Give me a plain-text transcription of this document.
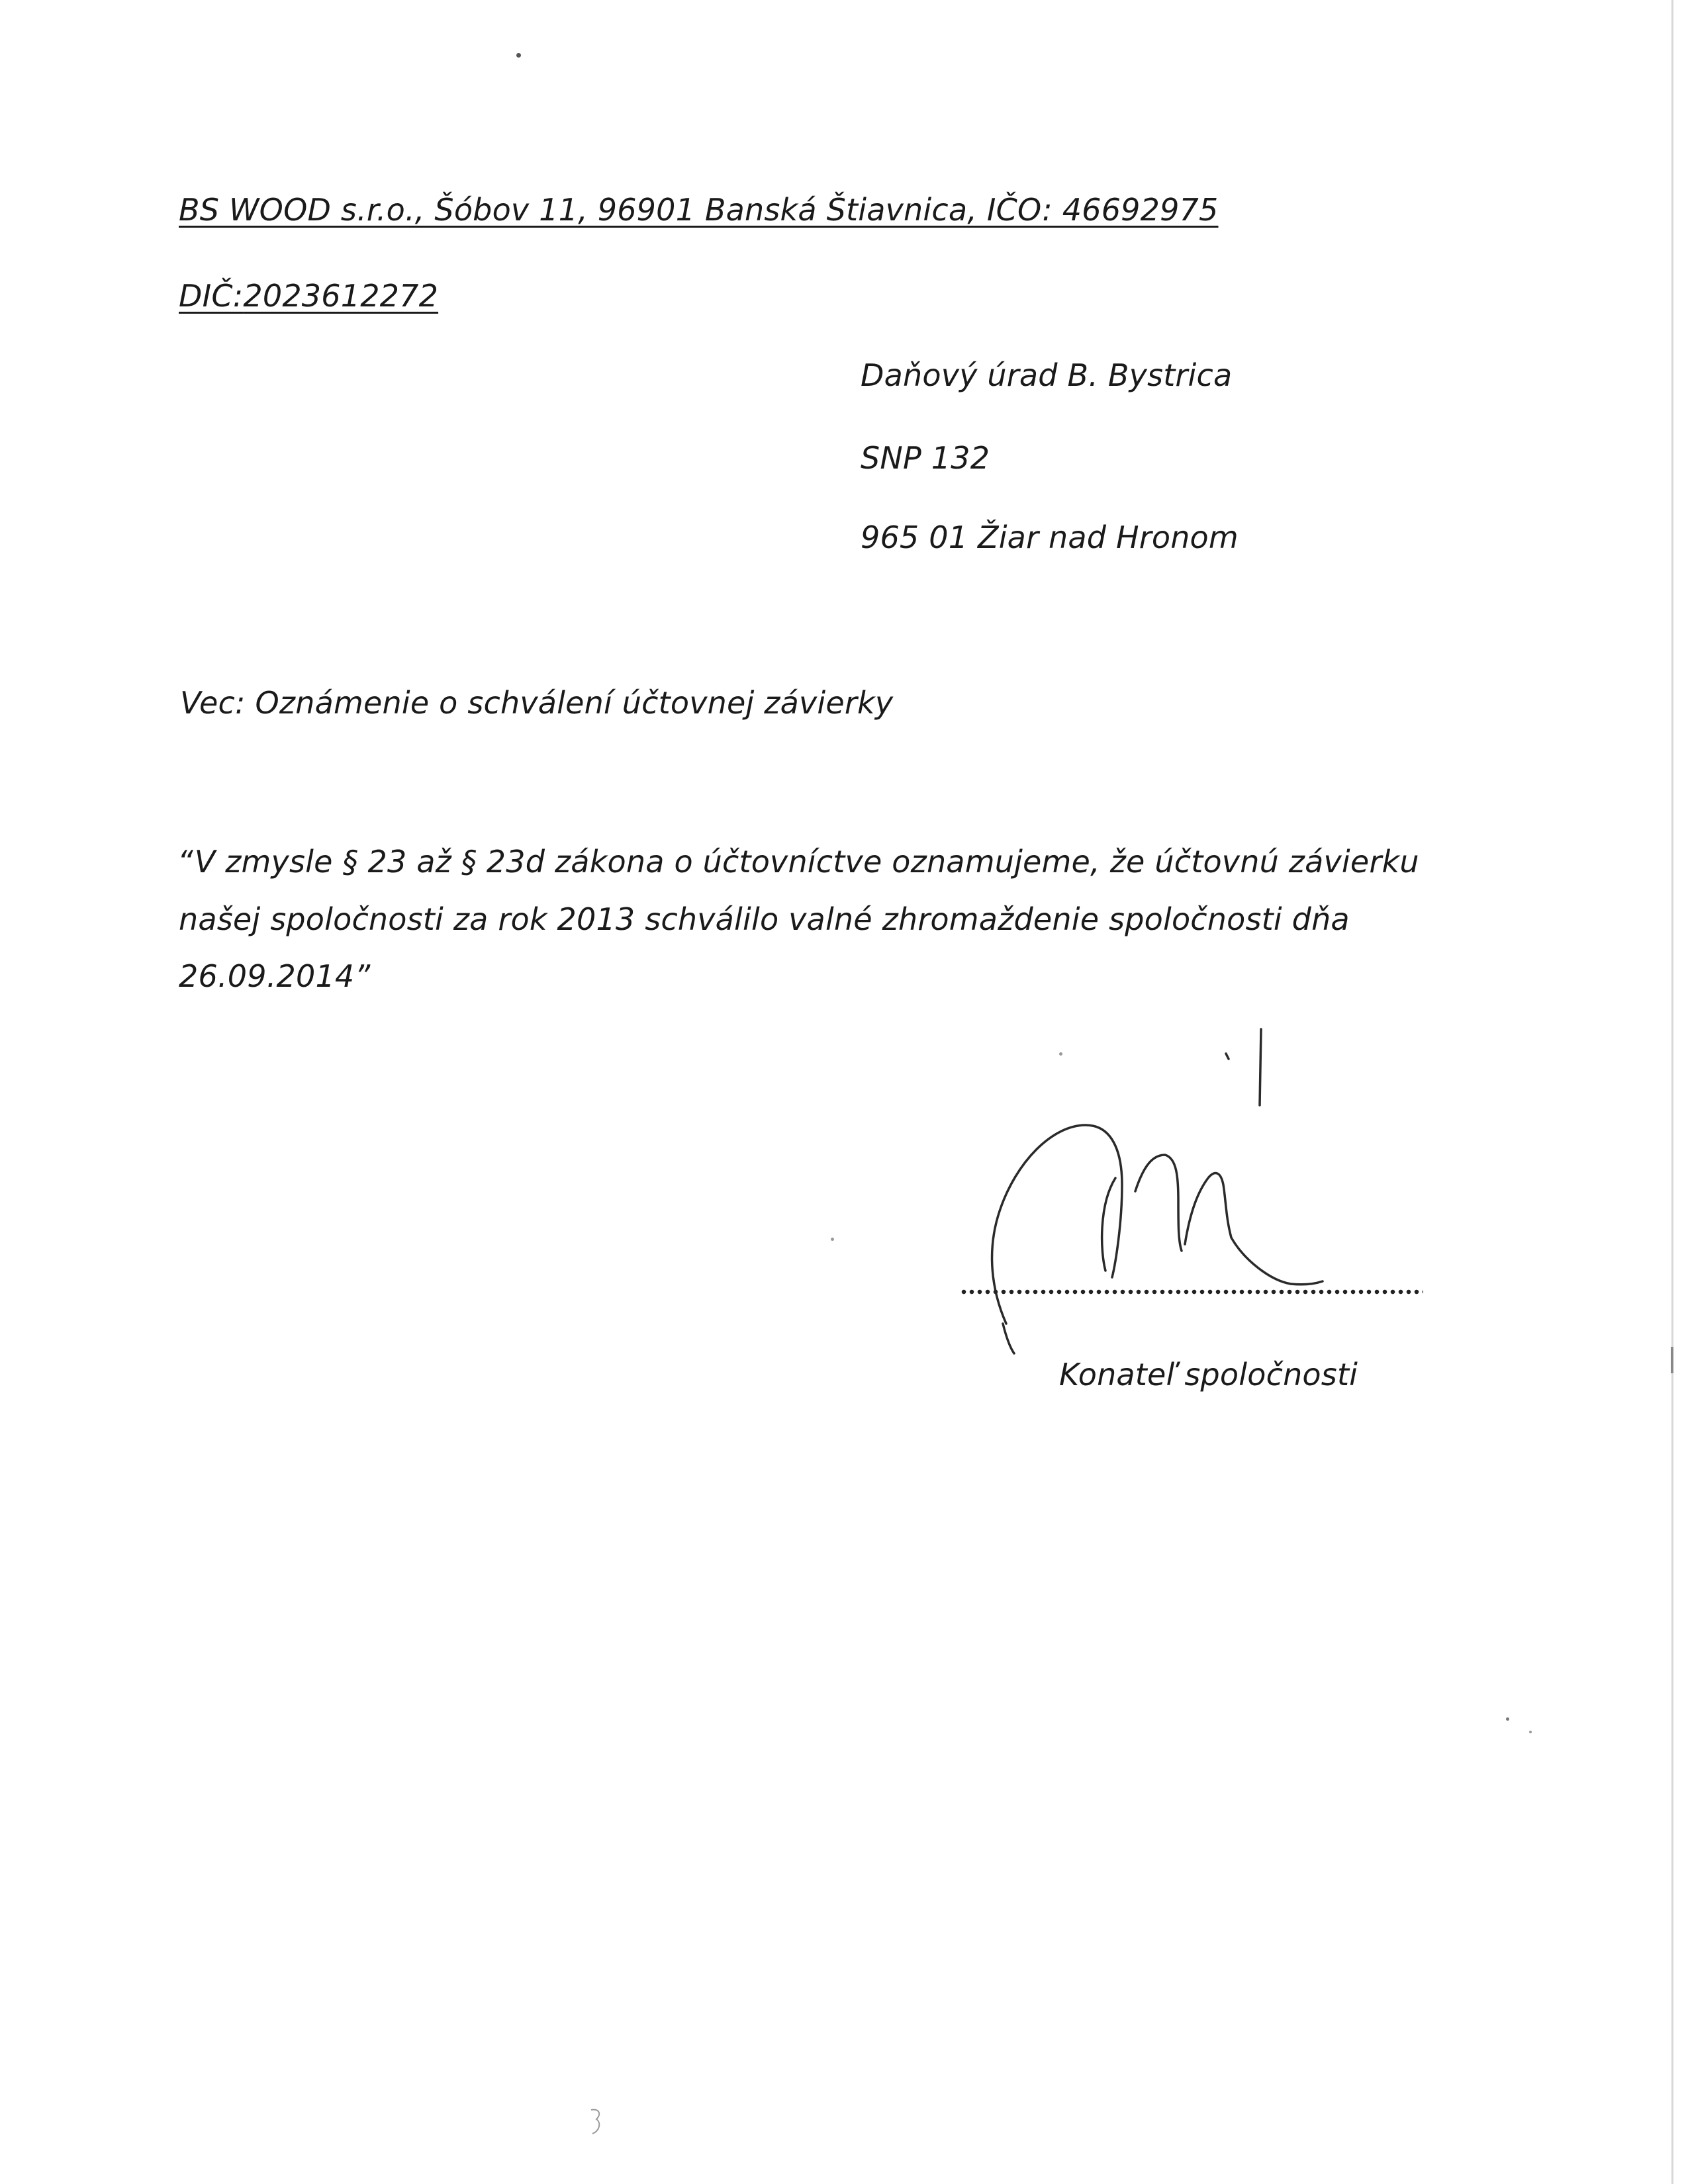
BS WOOD s.r.o., Šóbov 11, 96901 Banská Štiavnica, IČO: 46692975
DIČ:2023612272
Daňový úrad B. Bystrica
SNP 132
965 01 Žiar nad Hronom
Vec: Oznámenie o schválení účtovnej závierky
“V zmysle § 23 až § 23d zákona o účtovníctve oznamujeme, že účtovnú závierku
našej spoločnosti za rok 2013 schválilo valné zhromaždenie spoločnosti dňa
26.09.2014”
Konateľ spoločnosti
